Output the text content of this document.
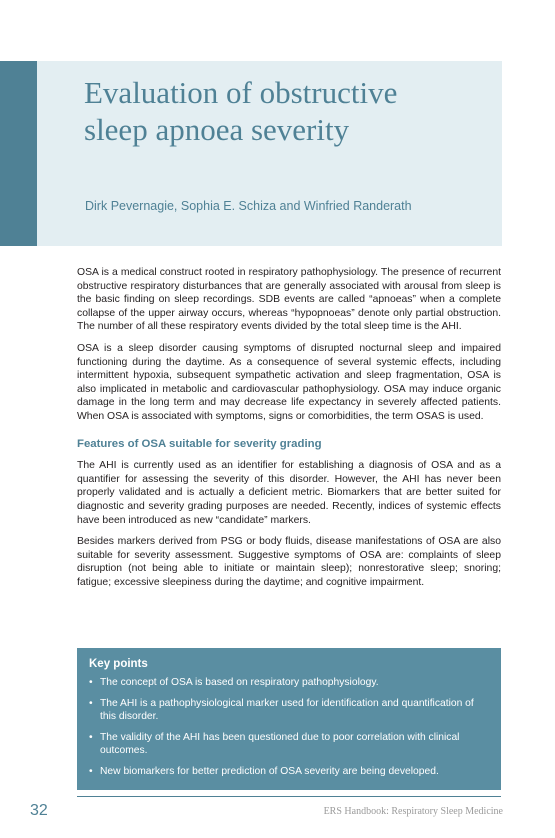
Evaluation of obstructive
sleep apnoea severity
Dirk Pevernagie, Sophia E. Schiza and Winfried Randerath

OSA is a medical construct rooted in respiratory pathophysiology. The presence of recurrent obstructive respiratory disturbances that are generally associated with arousal from sleep is the basic finding on sleep recordings. SDB events are called “apnoeas” when a complete collapse of the upper airway occurs, whereas “hypopnoeas” denote only partial obstruction. The number of all these respiratory events divided by the total sleep time is the AHI.

OSA is a sleep disorder causing symptoms of disrupted nocturnal sleep and impaired functioning during the daytime. As a consequence of several systemic effects, including intermittent hypoxia, subsequent sympathetic activation and sleep fragmentation, OSA is also implicated in metabolic and cardiovascular pathophysiology. OSA may induce organic damage in the long term and may decrease life expectancy in severely affected patients. When OSA is associated with symptoms, signs or comorbidities, the term OSAS is used.

Features of OSA suitable for severity grading

The AHI is currently used as an identifier for establishing a diagnosis of OSA and as a quantifier for assessing the severity of this disorder. However, the AHI has never been properly validated and is actually a deficient metric. Biomarkers that are better suited for diagnostic and severity grading purposes are needed. Recently, indices of systemic effects have been introduced as new “candidate” markers.

Besides markers derived from PSG or body fluids, disease manifestations of OSA are also suitable for severity assessment. Suggestive symptoms of OSA are: complaints of sleep disruption (not being able to initiate or maintain sleep); nonrestorative sleep; snoring; fatigue; excessive sleepiness during the daytime; and cognitive impairment.

Key points
• The concept of OSA is based on respiratory pathophysiology.
• The AHI is a pathophysiological marker used for identification and quantification of this disorder.
• The validity of the AHI has been questioned due to poor correlation with clinical outcomes.
• New biomarkers for better prediction of OSA severity are being developed.
32	ERS Handbook: Respiratory Sleep Medicine
